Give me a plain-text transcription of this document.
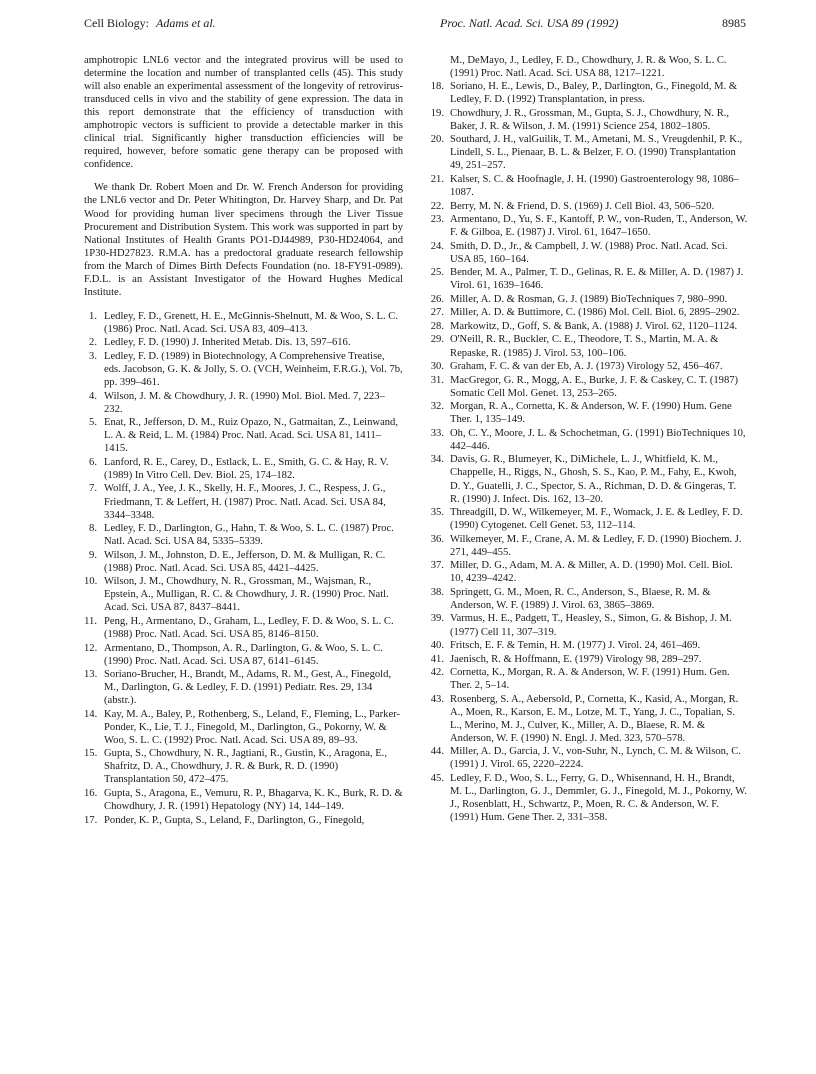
Cell Biology: Adams et al.	Proc. Natl. Acad. Sci. USA 89 (1992)	8985

amphotropic LNL6 vector and the integrated provirus will be used to determine the location and number of transplanted cells (45). This study will also enable an experimental assessment of the longevity of retrovirus-transduced cells in vivo and the stability of gene expression. The data in this report demonstrate that the efficiency of transduction with amphotropic vectors is sufficient to provide a detectable marker in this clinical trial. Significantly higher transduction efficiencies will be required, however, before somatic gene therapy can be proposed with confidence.

We thank Dr. Robert Moen and Dr. W. French Anderson for providing the LNL6 vector and Dr. Peter Whitington, Dr. Harvey Sharp, and Dr. Pat Wood for providing human liver specimens through the Liver Tissue Procurement and Distribution System. This work was supported in part by National Institutes of Health Grants PO1-DJ44989, P30-HD24064, and 1P30-HD27823. R.M.A. has a predoctoral graduate research fellowship from the March of Dimes Birth Defects Foundation (no. 18-FY91-0989). F.D.L. is an Assistant Investigator of the Howard Hughes Medical Institute.

1. Ledley, F. D., Grenett, H. E., McGinnis-Shelnutt, M. & Woo, S. L. C. (1986) Proc. Natl. Acad. Sci. USA 83, 409–413.
2. Ledley, F. D. (1990) J. Inherited Metab. Dis. 13, 597–616.
3. Ledley, F. D. (1989) in Biotechnology, A Comprehensive Treatise, eds. Jacobson, G. K. & Jolly, S. O. (VCH, Weinheim, F.R.G.), Vol. 7b, pp. 399–461.
4. Wilson, J. M. & Chowdhury, J. R. (1990) Mol. Biol. Med. 7, 223–232.
5. Enat, R., Jefferson, D. M., Ruiz Opazo, N., Gatmaitan, Z., Leinwand, L. A. & Reid, L. M. (1984) Proc. Natl. Acad. Sci. USA 81, 1411–1415.
6. Lanford, R. E., Carey, D., Estlack, L. E., Smith, G. C. & Hay, R. V. (1989) In Vitro Cell. Dev. Biol. 25, 174–182.
7. Wolff, J. A., Yee, J. K., Skelly, H. F., Moores, J. C., Respess, J. G., Friedmann, T. & Leffert, H. (1987) Proc. Natl. Acad. Sci. USA 84, 3344–3348.
8. Ledley, F. D., Darlington, G., Hahn, T. & Woo, S. L. C. (1987) Proc. Natl. Acad. Sci. USA 84, 5335–5339.
9. Wilson, J. M., Johnston, D. E., Jefferson, D. M. & Mulligan, R. C. (1988) Proc. Natl. Acad. Sci. USA 85, 4421–4425.
10. Wilson, J. M., Chowdhury, N. R., Grossman, M., Wajsman, R., Epstein, A., Mulligan, R. C. & Chowdhury, J. R. (1990) Proc. Natl. Acad. Sci. USA 87, 8437–8441.
11. Peng, H., Armentano, D., Graham, L., Ledley, F. D. & Woo, S. L. C. (1988) Proc. Natl. Acad. Sci. USA 85, 8146–8150.
12. Armentano, D., Thompson, A. R., Darlington, G. & Woo, S. L. C. (1990) Proc. Natl. Acad. Sci. USA 87, 6141–6145.
13. Soriano-Brucher, H., Brandt, M., Adams, R. M., Gest, A., Finegold, M., Darlington, G. & Ledley, F. D. (1991) Pediatr. Res. 29, 134 (abstr.).
14. Kay, M. A., Baley, P., Rothenberg, S., Leland, F., Fleming, L., Parker-Ponder, K., Lie, T. J., Finegold, M., Darlington, G., Pokorny, W. & Woo, S. L. C. (1992) Proc. Natl. Acad. Sci. USA 89, 89–93.
15. Gupta, S., Chowdhury, N. R., Jagtiani, R., Gustin, K., Aragona, E., Shafritz, D. A., Chowdhury, J. R. & Burk, R. D. (1990) Transplantation 50, 472–475.
16. Gupta, S., Aragona, E., Vemuru, R. P., Bhagarva, K. K., Burk, R. D. & Chowdhury, J. R. (1991) Hepatology (NY) 14, 144–149.
17. Ponder, K. P., Gupta, S., Leland, F., Darlington, G., Finegold,
M., DeMayo, J., Ledley, F. D., Chowdhury, J. R. & Woo, S. L. C. (1991) Proc. Natl. Acad. Sci. USA 88, 1217–1221.
18. Soriano, H. E., Lewis, D., Baley, P., Darlington, G., Finegold, M. & Ledley, F. D. (1992) Transplantation, in press.
19. Chowdhury, J. R., Grossman, M., Gupta, S. J., Chowdhury, N. R., Baker, J. R. & Wilson, J. M. (1991) Science 254, 1802–1805.
20. Southard, J. H., valGuilik, T. M., Ametani, M. S., Vreugdenhil, P. K., Lindell, S. L., Pienaar, B. L. & Belzer, F. O. (1990) Transplantation 49, 251–257.
21. Kalser, S. C. & Hoofnagle, J. H. (1990) Gastroenterology 98, 1086–1087.
22. Berry, M. N. & Friend, D. S. (1969) J. Cell Biol. 43, 506–520.
23. Armentano, D., Yu, S. F., Kantoff, P. W., von-Ruden, T., Anderson, W. F. & Gilboa, E. (1987) J. Virol. 61, 1647–1650.
24. Smith, D. D., Jr., & Campbell, J. W. (1988) Proc. Natl. Acad. Sci. USA 85, 160–164.
25. Bender, M. A., Palmer, T. D., Gelinas, R. E. & Miller, A. D. (1987) J. Virol. 61, 1639–1646.
26. Miller, A. D. & Rosman, G. J. (1989) BioTechniques 7, 980–990.
27. Miller, A. D. & Buttimore, C. (1986) Mol. Cell. Biol. 6, 2895–2902.
28. Markowitz, D., Goff, S. & Bank, A. (1988) J. Virol. 62, 1120–1124.
29. O'Neill, R. R., Buckler, C. E., Theodore, T. S., Martin, M. A. & Repaske, R. (1985) J. Virol. 53, 100–106.
30. Graham, F. C. & van der Eb, A. J. (1973) Virology 52, 456–467.
31. MacGregor, G. R., Mogg, A. E., Burke, J. F. & Caskey, C. T. (1987) Somatic Cell Mol. Genet. 13, 253–265.
32. Morgan, R. A., Cornetta, K. & Anderson, W. F. (1990) Hum. Gene Ther. 1, 135–149.
33. Oh, C. Y., Moore, J. L. & Schochetman, G. (1991) BioTechniques 10, 442–446.
34. Davis, G. R., Blumeyer, K., DiMichele, L. J., Whitfield, K. M., Chappelle, H., Riggs, N., Ghosh, S. S., Kao, P. M., Fahy, E., Kwoh, D. Y., Guatelli, J. C., Spector, S. A., Richman, D. D. & Gingeras, T. R. (1990) J. Infect. Dis. 162, 13–20.
35. Threadgill, D. W., Wilkemeyer, M. F., Womack, J. E. & Ledley, F. D. (1990) Cytogenet. Cell Genet. 53, 112–114.
36. Wilkemeyer, M. F., Crane, A. M. & Ledley, F. D. (1990) Biochem. J. 271, 449–455.
37. Miller, D. G., Adam, M. A. & Miller, A. D. (1990) Mol. Cell. Biol. 10, 4239–4242.
38. Springett, G. M., Moen, R. C., Anderson, S., Blaese, R. M. & Anderson, W. F. (1989) J. Virol. 63, 3865–3869.
39. Varmus, H. E., Padgett, T., Heasley, S., Simon, G. & Bishop, J. M. (1977) Cell 11, 307–319.
40. Fritsch, E. F. & Temin, H. M. (1977) J. Virol. 24, 461–469.
41. Jaenisch, R. & Hoffmann, E. (1979) Virology 98, 289–297.
42. Cornetta, K., Morgan, R. A. & Anderson, W. F. (1991) Hum. Gen. Ther. 2, 5–14.
43. Rosenberg, S. A., Aebersold, P., Cornetta, K., Kasid, A., Morgan, R. A., Moen, R., Karson, E. M., Lotze, M. T., Yang, J. C., Topalian, S. L., Merino, M. J., Culver, K., Miller, A. D., Blaese, R. M. & Anderson, W. F. (1990) N. Engl. J. Med. 323, 570–578.
44. Miller, A. D., Garcia, J. V., von-Suhr, N., Lynch, C. M. & Wilson, C. (1991) J. Virol. 65, 2220–2224.
45. Ledley, F. D., Woo, S. L., Ferry, G. D., Whisennand, H. H., Brandt, M. L., Darlington, G. J., Demmler, G. J., Finegold, M. J., Pokorny, W. J., Rosenblatt, H., Schwartz, P., Moen, R. C. & Anderson, W. F. (1991) Hum. Gene Ther. 2, 331–358.
